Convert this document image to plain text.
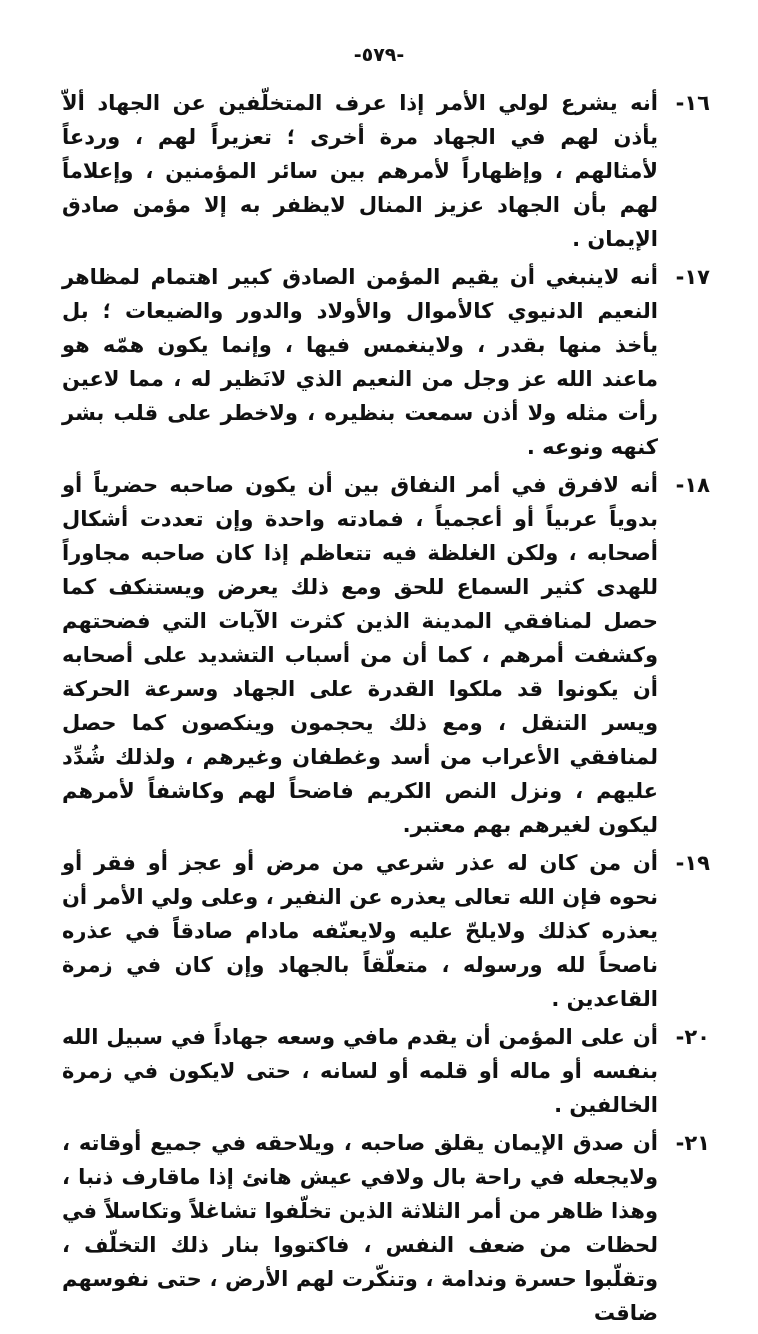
-٥٧٩-
١٦-
أنه يشرع لولي الأمر إذا عرف المتخلّفين عن الجهاد ألاّ يأذن لهم في الجهاد مرة أخرى ؛ تعزيراً لهم ، وردعاً لأمثالهم ، وإظهاراً لأمرهم بين سائر المؤمنين ، وإعلاماً لهم بأن الجهاد عزيز المنال لايظفر به إلا مؤمن صادق الإيمان .
١٧-
أنه لاينبغي أن يقيم المؤمن الصادق كبير اهتمام لمظاهر النعيم الدنيوي كالأموال والأولاد والدور والضيعات ؛ بل يأخذ منها بقدر ، ولاينغمس فيها ، وإنما يكون همّه هو ماعند الله عز وجل من النعيم الذي لانَظير له ، مما لاعين رأت مثله ولا أذن سمعت بنظيره ، ولاخطر على قلب بشر كنهه ونوعه .
١٨-
أنه لافرق في أمر النفاق بين أن يكون صاحبه حضرياً أو بدوياً عربياً أو أعجمياً ، فمادته واحدة وإن تعددت أشكال أصحابه ، ولكن الغلظة فيه تتعاظم إذا كان صاحبه مجاوراً للهدى كثير السماع للحق ومع ذلك يعرض ويستنكف كما حصل لمنافقي المدينة الذين كثرت الآيات التي فضحتهم وكشفت أمرهم ، كما أن من أسباب التشديد على أصحابه أن يكونوا قد ملكوا القدرة على الجهاد وسرعة الحركة ويسر التنقل ، ومع ذلك يحجمون وينكصون كما حصل لمنافقي الأعراب من أسد وغطفان وغيرهم ، ولذلك شُدِّد عليهم ، ونزل النص الكريم فاضحاً لهم وكاشفاً لأمرهم ليكون لغيرهم بهم معتبر.
١٩-
أن من كان له عذر شرعي من مرض أو عجز أو فقر أو نحوه فإن الله تعالى يعذره عن النفير ، وعلى ولي الأمر أن يعذره كذلك ولايلحّ عليه ولايعنّفه مادام صادقاً في عذره ناصحاً لله ورسوله ، متعلّقاً بالجهاد وإن كان في زمرة القاعدين .
٢٠-
أن على المؤمن أن يقدم مافي وسعه جهاداً في سبيل الله بنفسه أو ماله أو قلمه أو لسانه ، حتى لايكون في زمرة الخالفين .
٢١-
أن صدق الإيمان يقلق صاحبه ، ويلاحقه في جميع أوقاته ، ولايجعله في راحة بال ولافي عيش هانئ إذا ماقارف ذنبا ، وهذا ظاهر من أمر الثلاثة الذين تخلّفوا تشاغلاً وتكاسلاً في لحظات من ضعف النفس ، فاكتووا بنار ذلك التخلّف ، وتقلّبوا حسرة وندامة ، وتنكّرت لهم الأرض ، حتى نفوسهم ضاقت
